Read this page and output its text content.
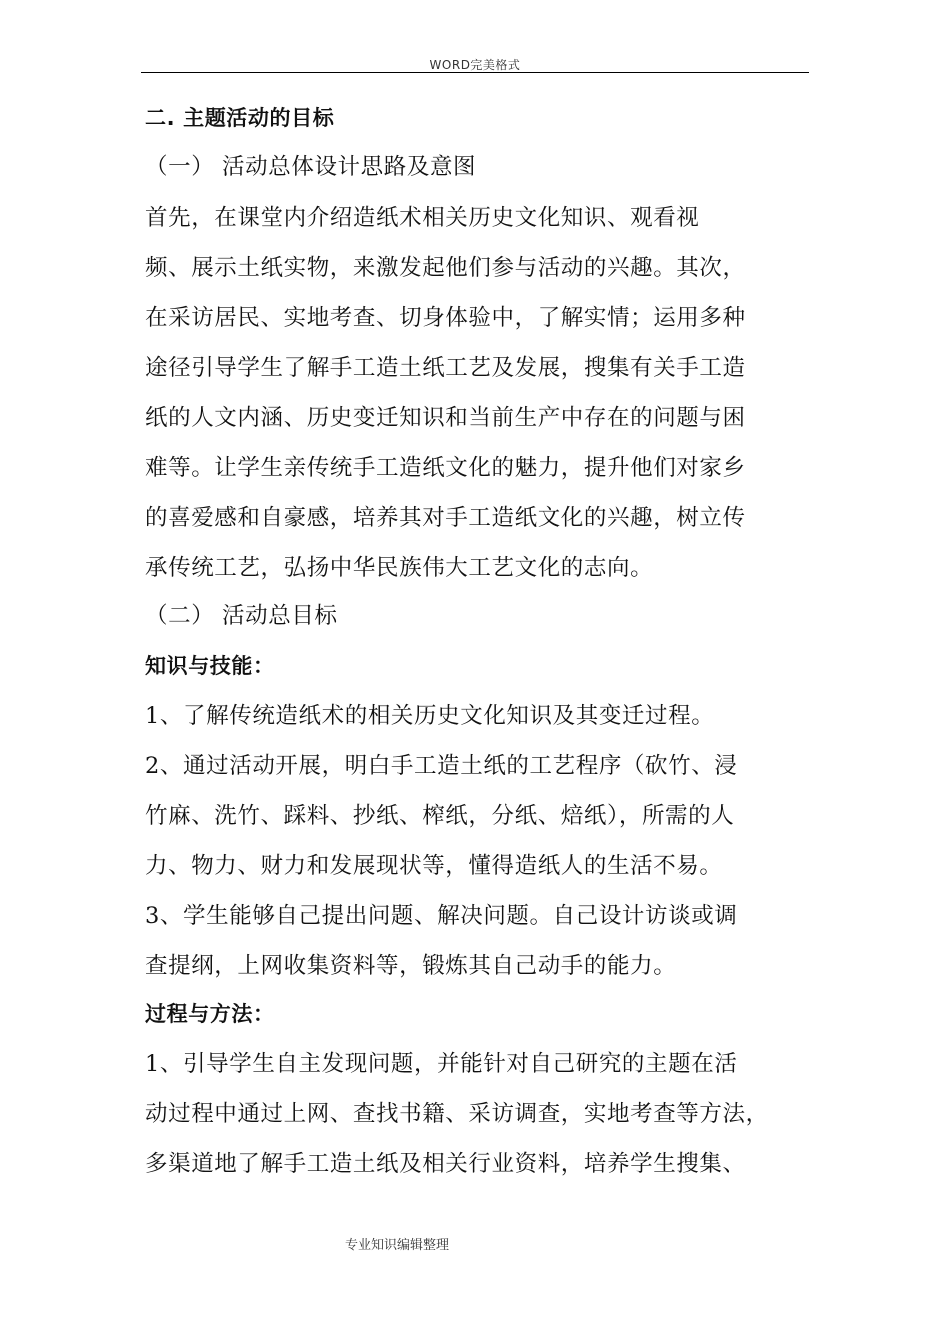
WORD完美格式
二. 主题活动的目标
（一） 活动总体设计思路及意图
首先，在课堂内介绍造纸术相关历史文化知识、观看视
频、展示土纸实物，来激发起他们参与活动的兴趣。其次，
在采访居民、实地考查、切身体验中，了解实情；运用多种
途径引导学生了解手工造土纸工艺及发展，搜集有关手工造
纸的人文内涵、历史变迁知识和当前生产中存在的问题与困
难等。让学生亲传统手工造纸文化的魅力，提升他们对家乡
的喜爱感和自豪感，培养其对手工造纸文化的兴趣，树立传
承传统工艺，弘扬中华民族伟大工艺文化的志向。
（二） 活动总目标
知识与技能：
1、了解传统造纸术的相关历史文化知识及其变迁过程。
2、通过活动开展，明白手工造土纸的工艺程序（砍竹、浸
竹麻、洗竹、踩料、抄纸、榨纸，分纸、焙纸），所需的人
力、物力、财力和发展现状等，懂得造纸人的生活不易。
3、学生能够自己提出问题、解决问题。自己设计访谈或调
查提纲，上网收集资料等，锻炼其自己动手的能力。
过程与方法：
1、引导学生自主发现问题，并能针对自己研究的主题在活
动过程中通过上网、查找书籍、采访调查，实地考查等方法，
多渠道地了解手工造土纸及相关行业资料，培养学生搜集、
专业知识编辑整理
